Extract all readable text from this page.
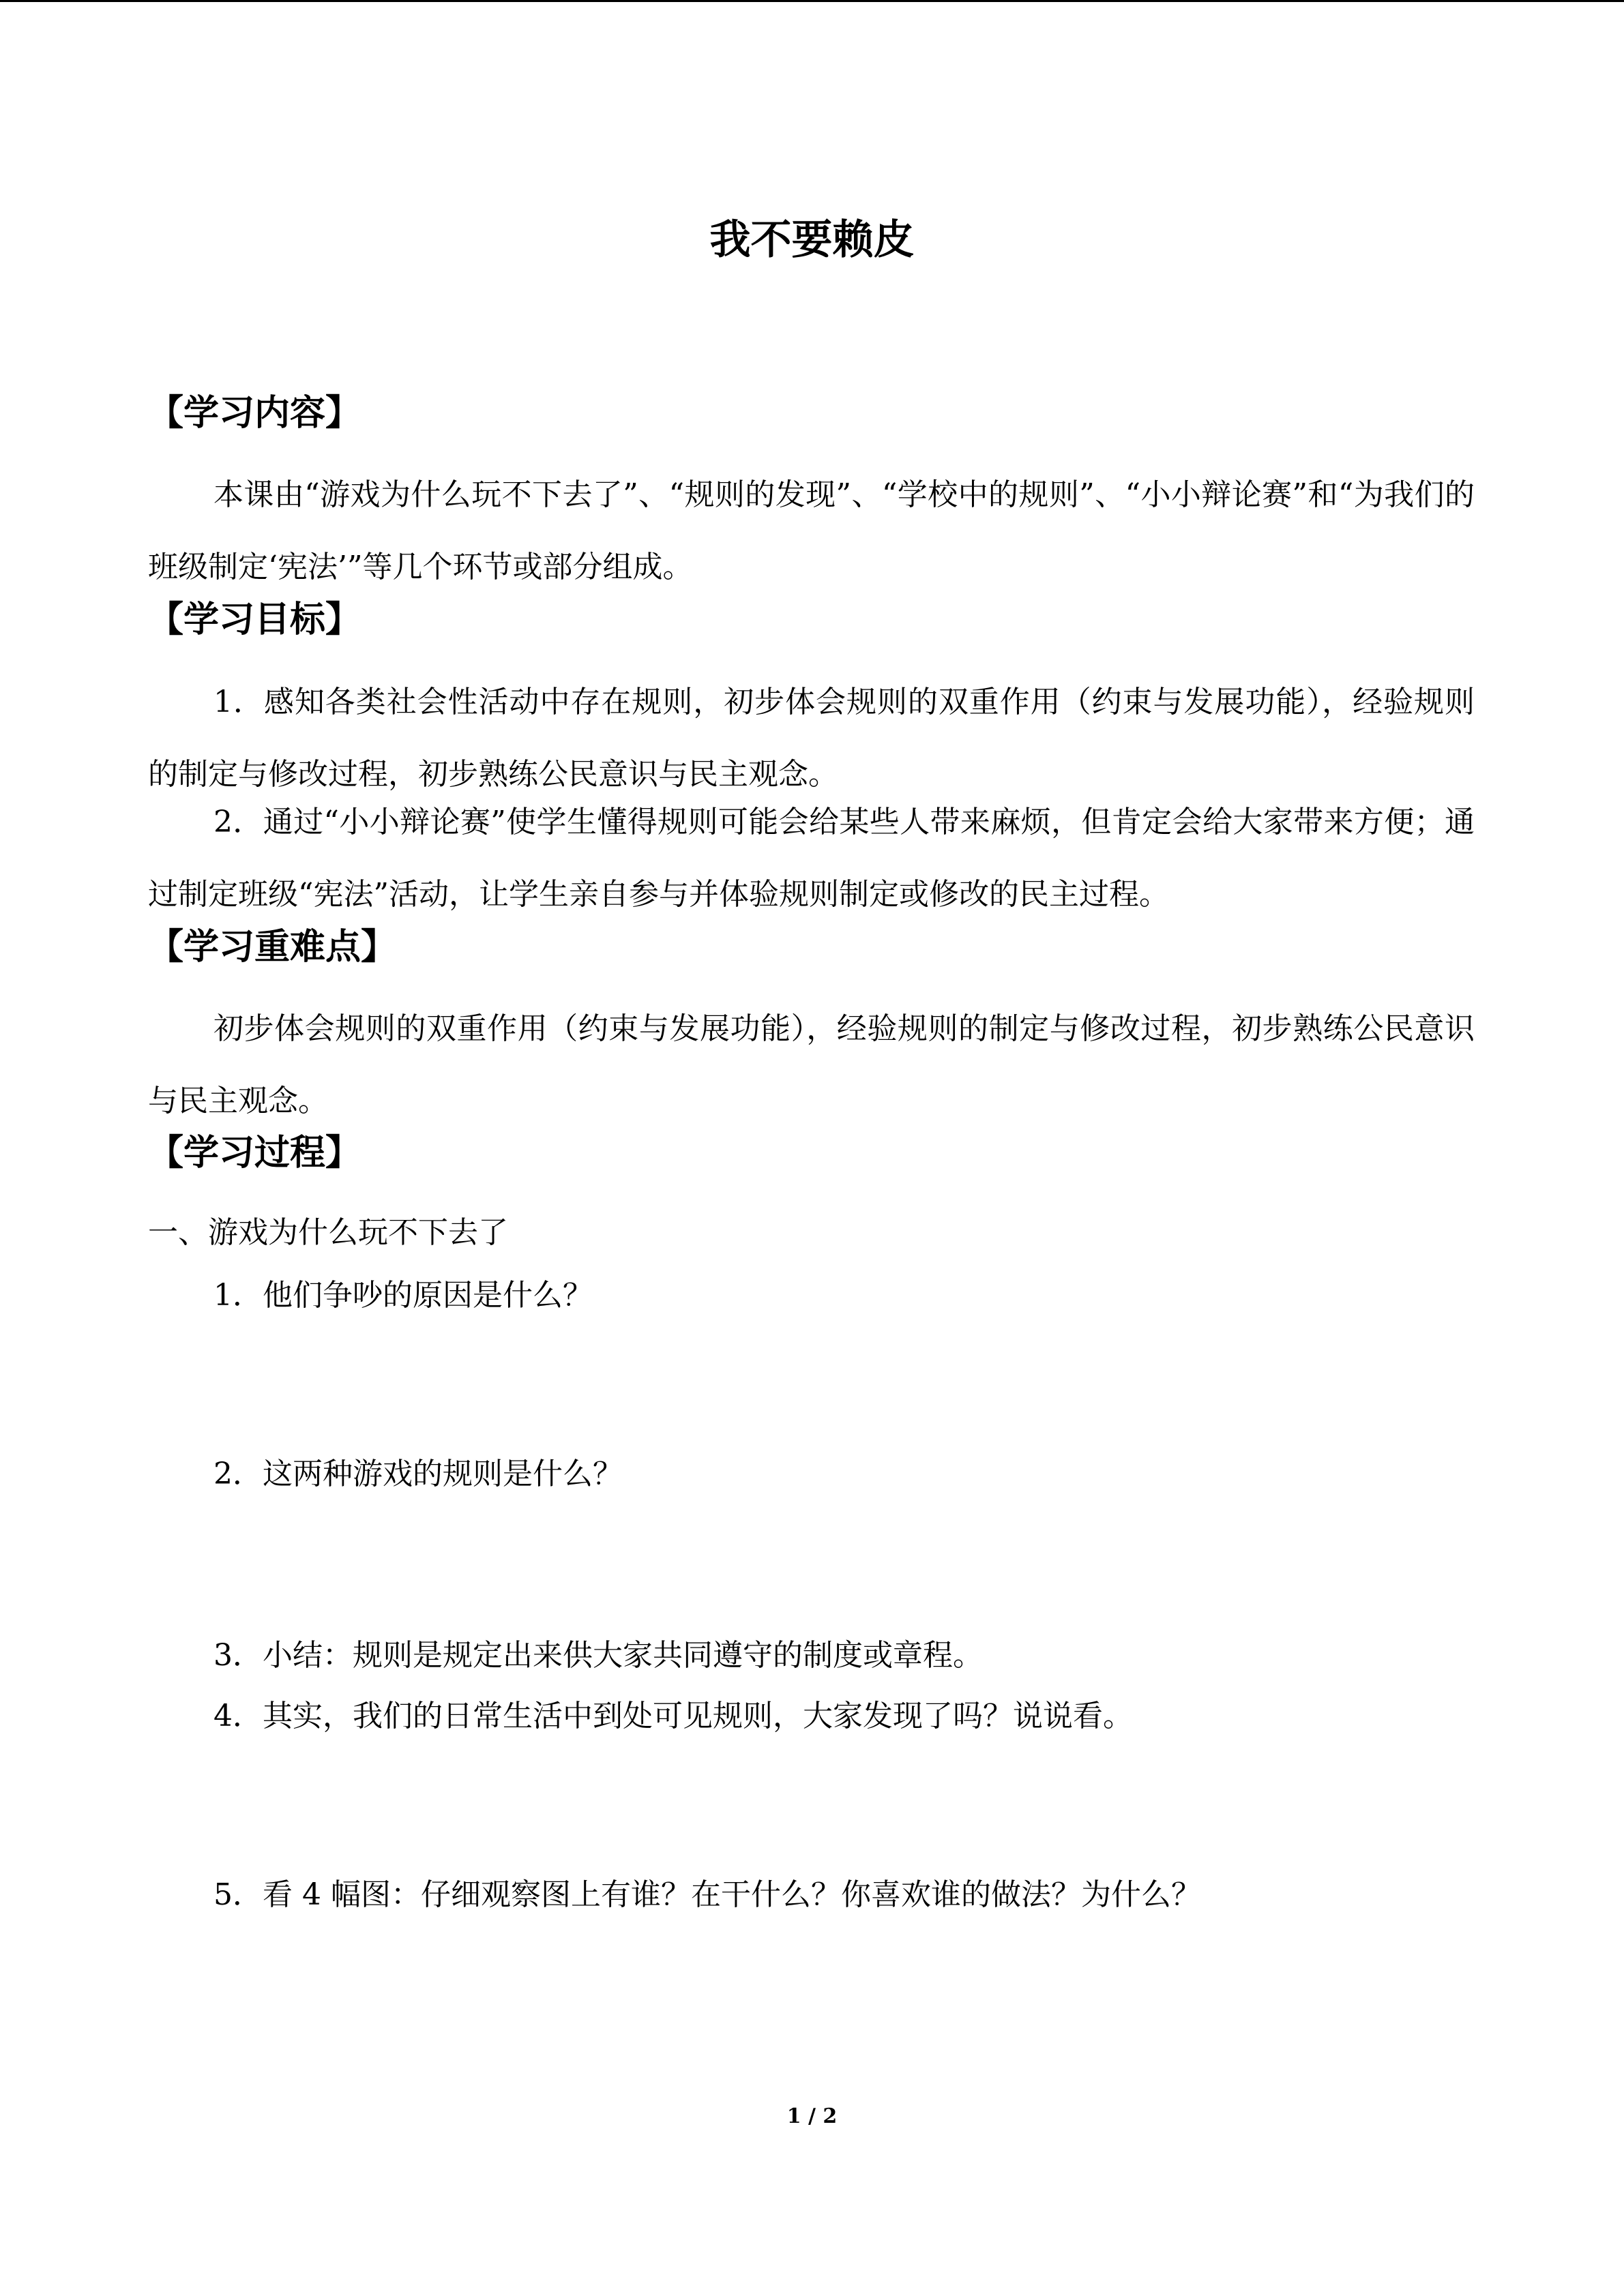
我不要赖皮
【学习内容】

本课由“游戏为什么玩不下去了”、“规则的发现”、“学校中的规则”、“小小辩论赛”和“为我们的班级制定‘宪法’”等几个环节或部分组成。

【学习目标】

1．感知各类社会性活动中存在规则，初步体会规则的双重作用（约束与发展功能），经验规则的制定与修改过程，初步熟练公民意识与民主观念。

2．通过“小小辩论赛”使学生懂得规则可能会给某些人带来麻烦，但肯定会给大家带来方便；通过制定班级“宪法”活动，让学生亲自参与并体验规则制定或修改的民主过程。

【学习重难点】

初步体会规则的双重作用（约束与发展功能），经验规则的制定与修改过程，初步熟练公民意识与民主观念。

【学习过程】
一、游戏为什么玩不下去了
1．他们争吵的原因是什么？
2．这两种游戏的规则是什么？
3．小结：规则是规定出来供大家共同遵守的制度或章程。
4．其实，我们的日常生活中到处可见规则，大家发现了吗？说说看。
5．看 4 幅图：仔细观察图上有谁？在干什么？你喜欢谁的做法？为什么？
1 / 2
